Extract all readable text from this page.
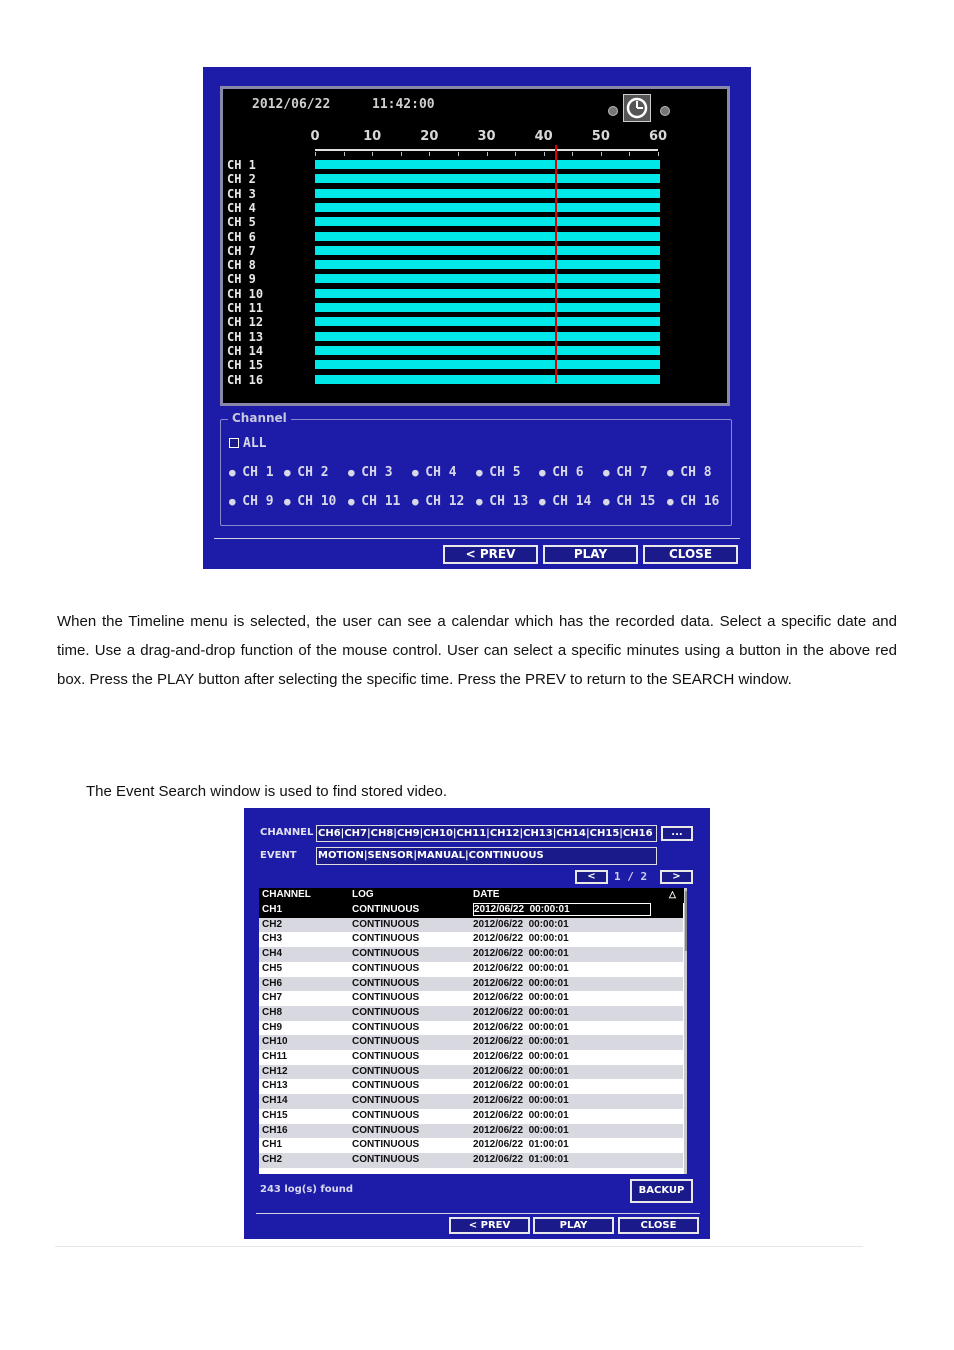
2012/06/22	11:42:00
0	10	20	30	40	50	60
CH 1
CH 2
CH 3
CH 4
CH 5
CH 6
CH 7
CH 8
CH 9
CH 10
CH 11
CH 12
CH 13
CH 14
CH 15
CH 16
Channel
ALL
● CH 1 ● CH 2 ● CH 3 ● CH 4 ● CH 5 ● CH 6 ● CH 7 ● CH 8
● CH 9 ● CH 10 ● CH 11 ● CH 12 ● CH 13 ● CH 14 ● CH 15 ● CH 16
< PREV	PLAY	CLOSE
When the Timeline menu is selected, the user can see a calendar which has the recorded data. Select a specific date and time. Use a drag-and-drop function of the mouse control. User can select a specific minutes using a button in the above red box. Press the PLAY button after selecting the specific time. Press the PREV to return to the SEARCH window.
The Event Search window is used to find stored video.
CHANNEL CH6|CH7|CH8|CH9|CH10|CH11|CH12|CH13|CH14|CH15|CH16	...
EVENT MOTION|SENSOR|MANUAL|CONTINUOUS
<	1 / 2	>
CHANNEL	LOG	DATE	△
CH1	CONTINUOUS	2012/06/22  00:00:01
CH2	CONTINUOUS	2012/06/22  00:00:01
CH3	CONTINUOUS	2012/06/22  00:00:01
CH4	CONTINUOUS	2012/06/22  00:00:01
CH5	CONTINUOUS	2012/06/22  00:00:01
CH6	CONTINUOUS	2012/06/22  00:00:01
CH7	CONTINUOUS	2012/06/22  00:00:01
CH8	CONTINUOUS	2012/06/22  00:00:01
CH9	CONTINUOUS	2012/06/22  00:00:01
CH10	CONTINUOUS	2012/06/22  00:00:01
CH11	CONTINUOUS	2012/06/22  00:00:01
CH12	CONTINUOUS	2012/06/22  00:00:01
CH13	CONTINUOUS	2012/06/22  00:00:01
CH14	CONTINUOUS	2012/06/22  00:00:01
CH15	CONTINUOUS	2012/06/22  00:00:01
CH16	CONTINUOUS	2012/06/22  00:00:01
CH1	CONTINUOUS	2012/06/22  01:00:01
CH2	CONTINUOUS	2012/06/22  01:00:01
243 log(s) found	BACKUP
< PREV	PLAY	CLOSE
